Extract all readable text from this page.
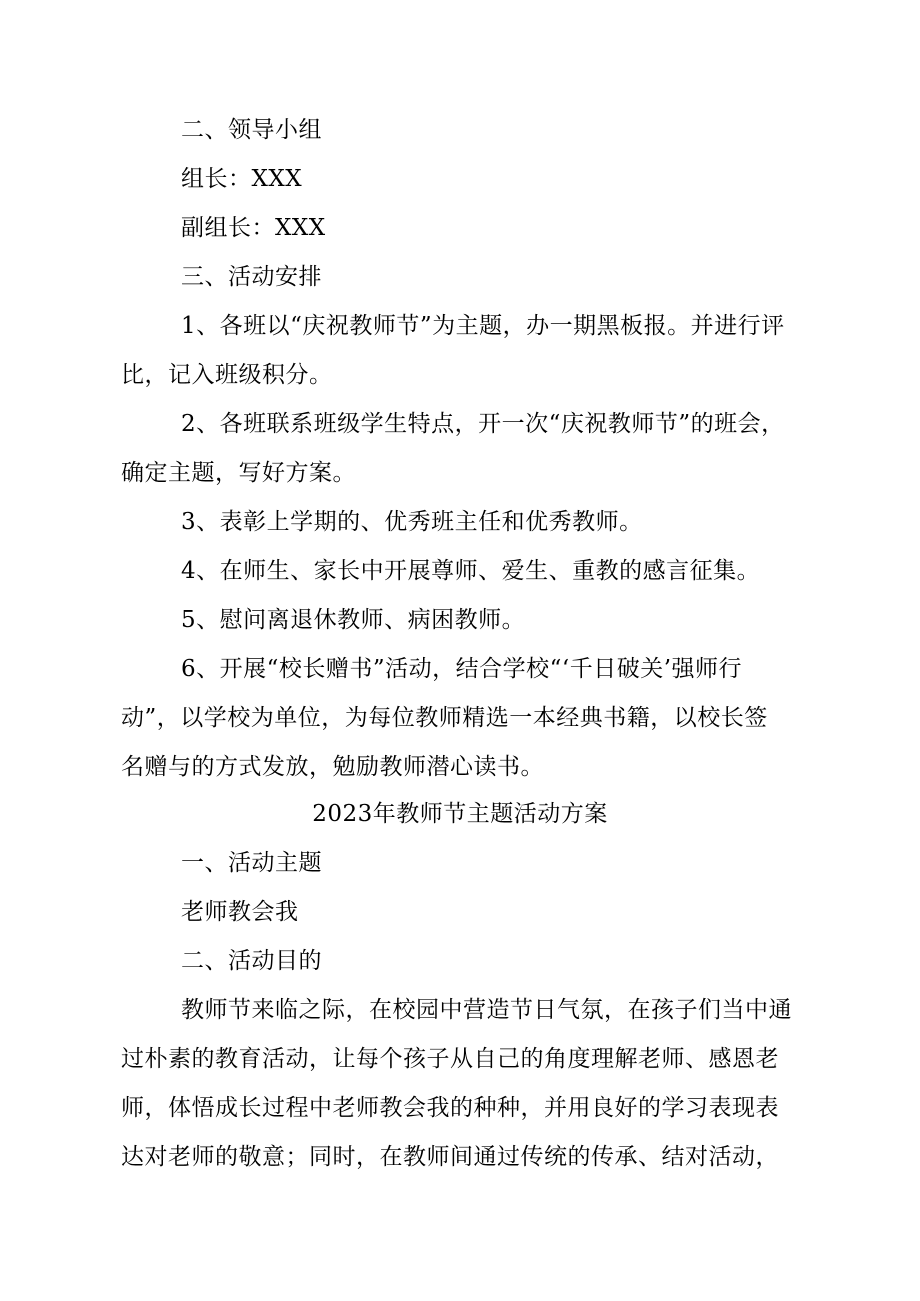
二、领导小组
组长：XXX
副组长：XXX
三、活动安排
1、各班以“庆祝教师节”为主题，办一期黑板报。并进行评
比，记入班级积分。
2、各班联系班级学生特点，开一次“庆祝教师节”的班会，
确定主题，写好方案。
3、表彰上学期的、优秀班主任和优秀教师。
4、在师生、家长中开展尊师、爱生、重教的感言征集。
5、慰问离退休教师、病困教师。
6、开展“校长赠书”活动，结合学校“‘千日破关’强师行
动”，以学校为单位，为每位教师精选一本经典书籍，以校长签
名赠与的方式发放，勉励教师潜心读书。
2023年教师节主题活动方案
一、活动主题
老师教会我
二、活动目的
教师节来临之际，在校园中营造节日气氛，在孩子们当中通
过朴素的教育活动，让每个孩子从自己的角度理解老师、感恩老
师，体悟成长过程中老师教会我的种种，并用良好的学习表现表
达对老师的敬意；同时，在教师间通过传统的传承、结对活动，
